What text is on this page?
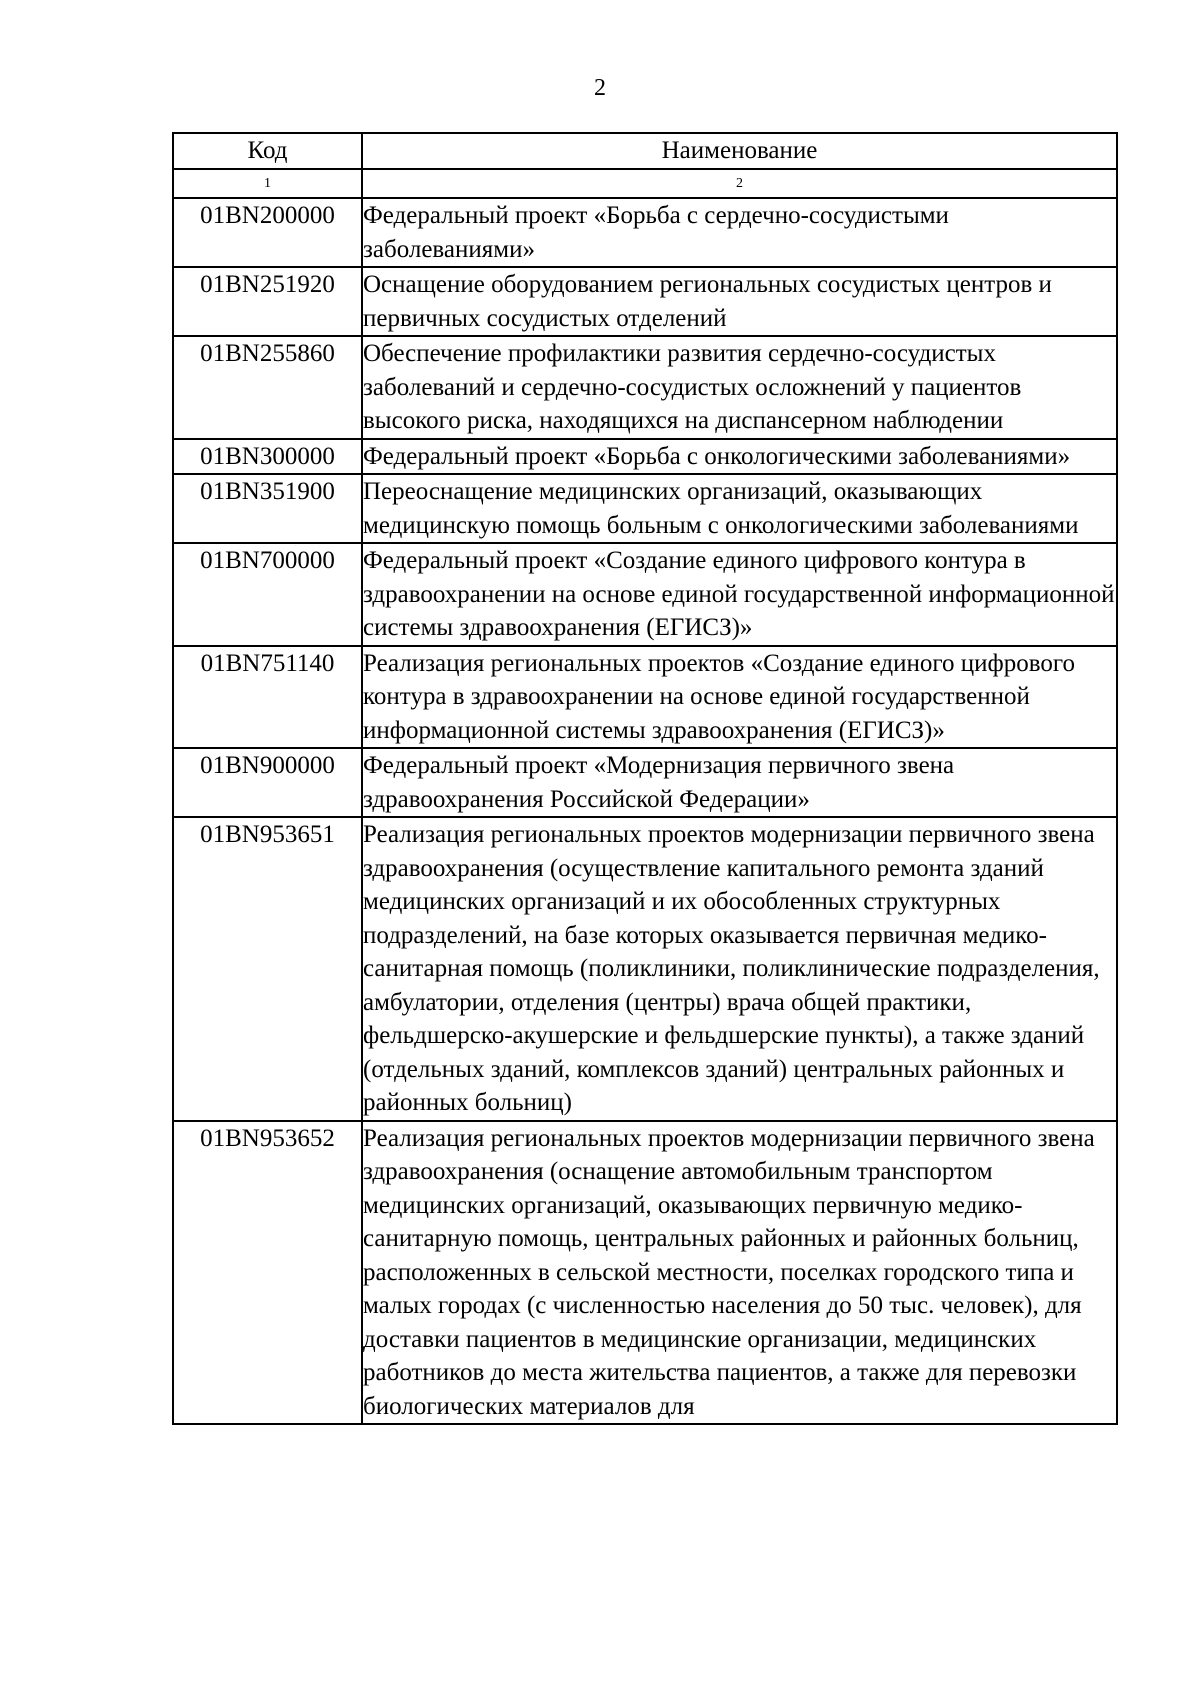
2
Код	Наименование
1	2
01BN200000	Федеральный проект «Борьба с сердечно-сосудистыми заболеваниями»
01BN251920	Оснащение оборудованием региональных сосудистых центров и первичных сосудистых отделений
01BN255860	Обеспечение профилактики развития сердечно-сосудистых заболеваний и сердечно-сосудистых осложнений у пациентов высокого риска, находящихся на диспансерном наблюдении
01BN300000	Федеральный проект «Борьба с онкологическими заболеваниями»
01BN351900	Переоснащение медицинских организаций, оказывающих медицинскую помощь больным с онкологическими заболеваниями
01BN700000	Федеральный проект «Создание единого цифрового контура в здравоохранении на основе единой государственной информационной системы здравоохранения (ЕГИСЗ)»
01BN751140	Реализация региональных проектов «Создание единого цифрового контура в здравоохранении на основе единой государственной информационной системы здравоохранения (ЕГИСЗ)»
01BN900000	Федеральный проект «Модернизация первичного звена здравоохранения Российской Федерации»
01BN953651	Реализация региональных проектов модернизации первичного звена здравоохранения (осуществление капитального ремонта зданий медицинских организаций и их обособленных структурных подразделений, на базе которых оказывается первичная медико-санитарная помощь (поликлиники, поликлинические подразделения, амбулатории, отделения (центры) врача общей практики, фельдшерско-акушерские и фельдшерские пункты), а также зданий (отдельных зданий, комплексов зданий) центральных районных и районных больниц)
01BN953652	Реализация региональных проектов модернизации первичного звена здравоохранения (оснащение автомобильным транспортом медицинских организаций, оказывающих первичную медико-санитарную помощь, центральных районных и районных больниц, расположенных в сельской местности, поселках городского типа и малых городах (с численностью населения до 50 тыс. человек), для доставки пациентов в медицинские организации, медицинских работников до места жительства пациентов, а также для перевозки биологических материалов для
